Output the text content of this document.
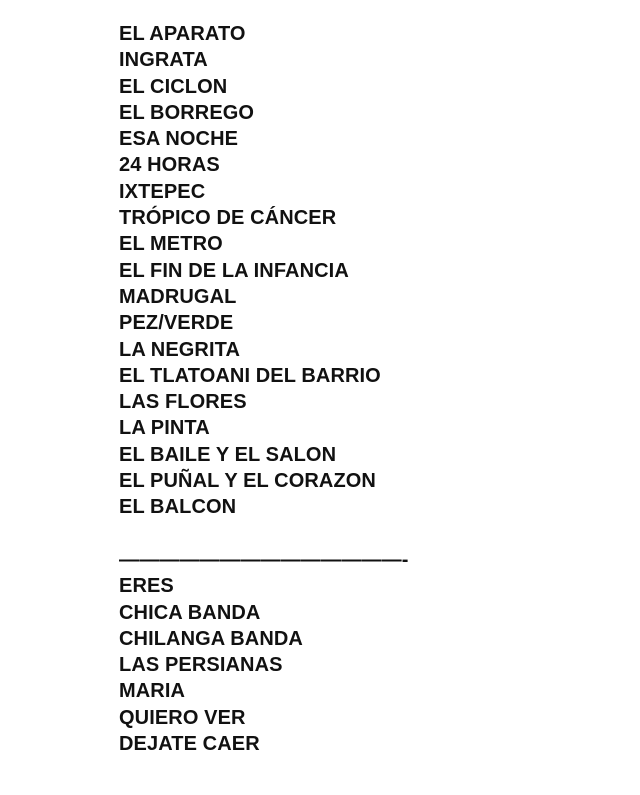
EL APARATO
INGRATA
EL CICLON
EL BORREGO
ESA NOCHE
24 HORAS
IXTEPEC
TRÓPICO DE CÁNCER
EL METRO
EL FIN DE LA INFANCIA
MADRUGAL
PEZ/VERDE
LA NEGRITA
EL TLATOANI DEL BARRIO
LAS FLORES
LA PINTA
EL BAILE Y EL SALON
EL PUÑAL Y EL CORAZON
EL BALCON
——————————————-
ERES
CHICA BANDA
CHILANGA BANDA
LAS PERSIANAS
MARIA
QUIERO VER
DEJATE CAER
